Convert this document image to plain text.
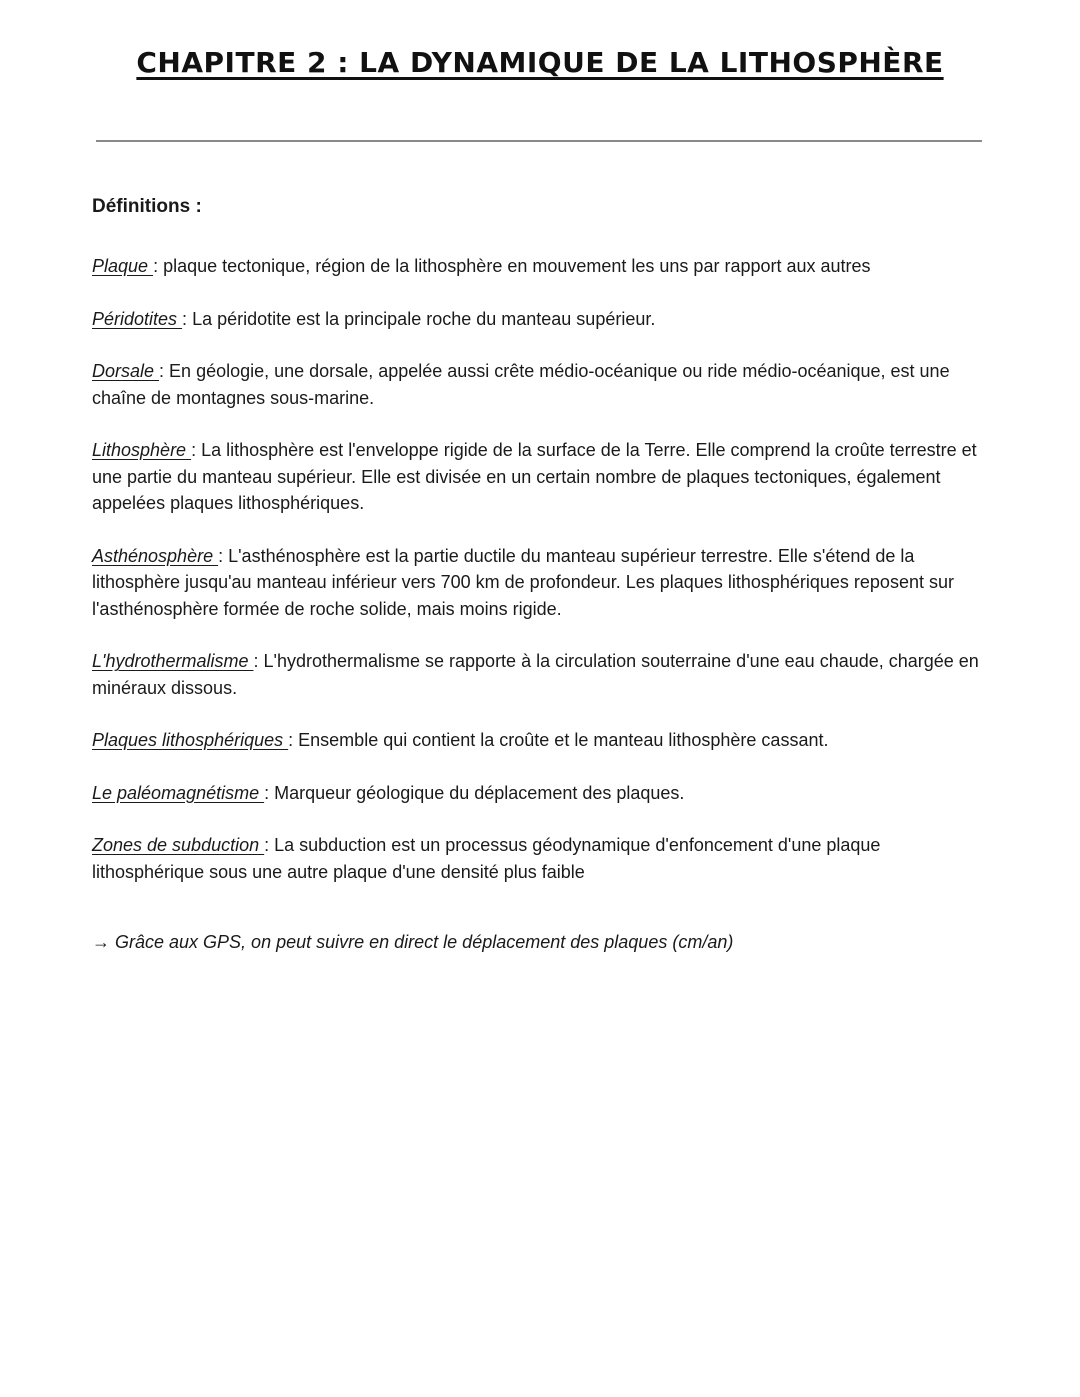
CHAPITRE 2 : LA DYNAMIQUE DE LA LITHOSPHÈRE

Définitions :

Plaque : plaque tectonique, région de la lithosphère en mouvement les uns par rapport aux autres

Péridotites : La péridotite est la principale roche du manteau supérieur.

Dorsale : En géologie, une dorsale, appelée aussi crête médio-océanique ou ride médio-océanique, est une chaîne de montagnes sous-marine.

Lithosphère : La lithosphère est l'enveloppe rigide de la surface de la Terre. Elle comprend la croûte terrestre et une partie du manteau supérieur. Elle est divisée en un certain nombre de plaques tectoniques, également appelées plaques lithosphériques.

Asthénosphère : L'asthénosphère est la partie ductile du manteau supérieur terrestre. Elle s'étend de la lithosphère jusqu'au manteau inférieur vers 700 km de profondeur. Les plaques lithosphériques reposent sur l'asthénosphère formée de roche solide, mais moins rigide.

L'hydrothermalisme : L'hydrothermalisme se rapporte à la circulation souterraine d'une eau chaude, chargée en minéraux dissous.

Plaques lithosphériques : Ensemble qui contient la croûte et le manteau lithosphère cassant.

Le paléomagnétisme : Marqueur géologique du déplacement des plaques.

Zones de subduction : La subduction est un processus géodynamique d'enfoncement d'une plaque lithosphérique sous une autre plaque d'une densité plus faible

→ Grâce aux GPS, on peut suivre en direct le déplacement des plaques (cm/an)
